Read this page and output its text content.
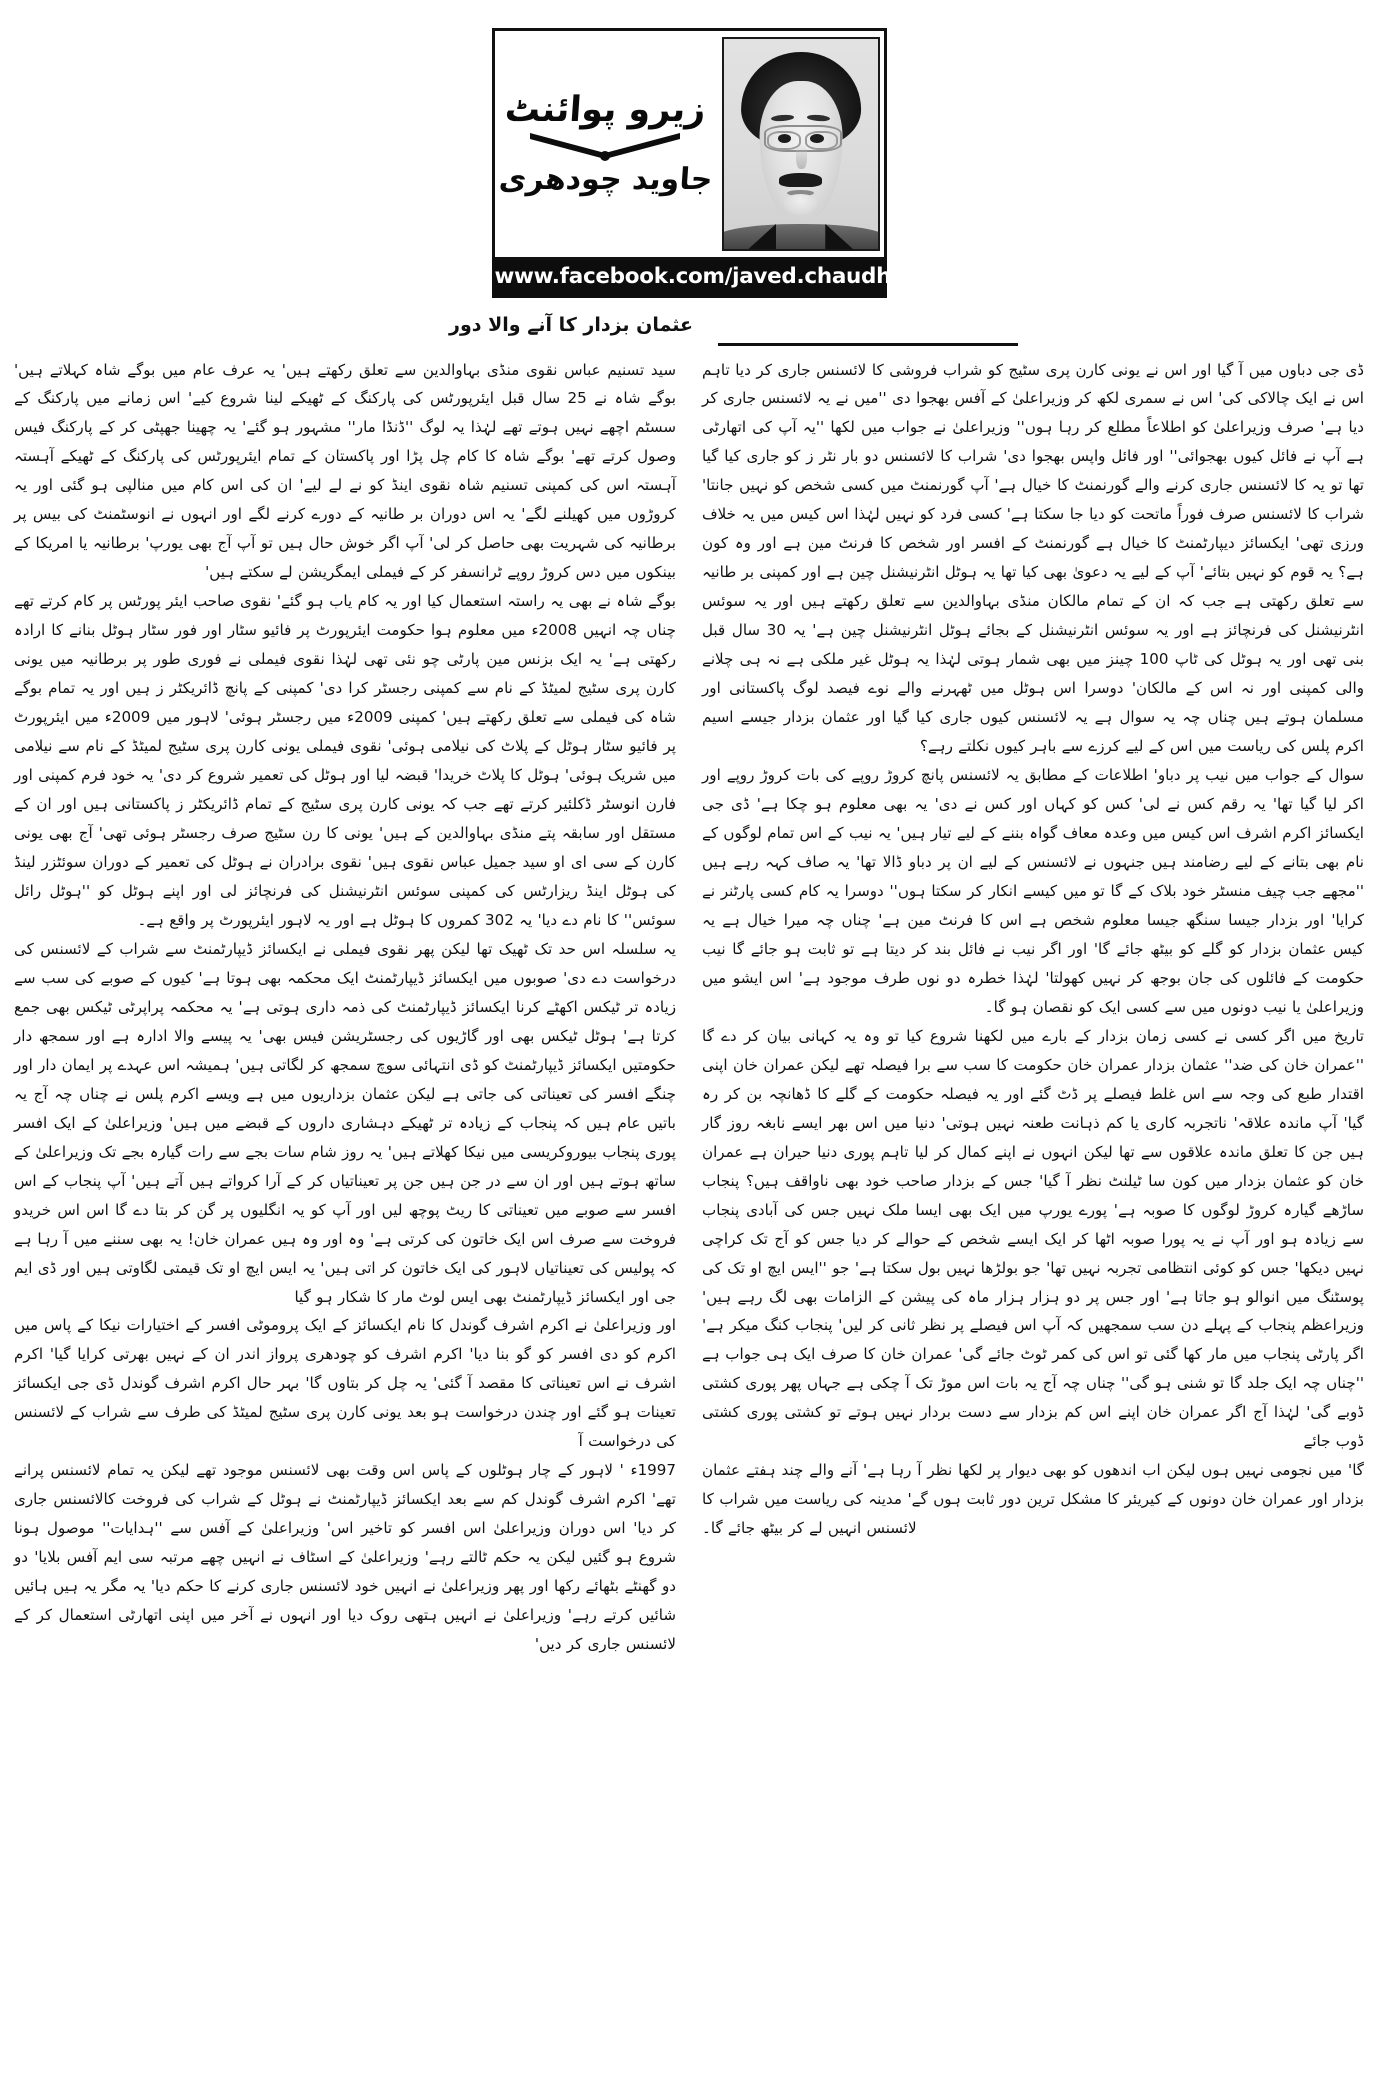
زیرو پوائنٹ
جاوید چودھری
www.facebook.com/javed.chaudhry
عثمان بزدار کا آنے والا دور

ڈی جی دباوں میں آ گیا اور اس نے یونی کارن پری سٹیج کو شراب فروشی کا لائسنس جاری کر دیا تاہم اس نے ایک چالاکی کی' اس نے سمری لکھ کر وزیراعلیٰ کے آفس بھجوا دی ''میں نے یہ لائسنس جاری کر دیا ہے' صرف وزیراعلیٰ کو اطلاعاً مطلع کر رہا ہوں'' وزیراعلیٰ نے جواب میں لکھا ''یہ آپ کی اتھارٹی ہے آپ نے فائل کیوں بھجوائی'' اور فائل واپس بھجوا دی' شراب کا لائسنس دو بار نٹر ز کو جاری کیا گیا تھا تو یہ کا لائسنس جاری کرنے والے گورنمنٹ کا خیال ہے' آپ گورنمنٹ میں کسی شخص کو نہیں جانتا' شراب کا لائسنس صرف فوراً ماتحت کو دیا جا سکتا ہے' کسی فرد کو نہیں لہٰذا اس کیس میں یہ خلاف ورزی تھی' ایکسائز دیپارٹمنٹ کا خیال ہے گورنمنٹ کے افسر اور شخص کا فرنٹ مین ہے اور وہ کون ہے؟ یہ قوم کو نہیں بتائے' آپ کے لیے یہ دعویٰ بھی کیا تھا یہ ہوٹل انٹرنیشنل چین ہے اور کمپنی بر طانیہ سے تعلق رکھتی ہے جب کہ ان کے تمام مالکان منڈی بہاوالدین سے تعلق رکھتے ہیں اور یہ سوئس انٹرنیشنل کی فرنچائز ہے اور یہ سوئس انٹرنیشنل کے بجائے ہوٹل انٹرنیشنل چین ہے' یہ 30 سال قبل بنی تھی اور یہ ہوٹل کی ٹاپ 100 چینز میں بھی شمار ہوتی لہٰذا یہ ہوٹل غیر ملکی ہے نہ ہی چلانے والی کمپنی اور نہ اس کے مالکان' دوسرا اس ہوٹل میں ٹھہرنے والے نوے فیصد لوگ پاکستانی اور مسلمان ہوتے ہیں چناں چہ یہ سوال ہے یہ لائسنس کیوں جاری کیا گیا اور عثمان بزدار جیسے اسیم اکرم پلس کی ریاست میں اس کے لیے کرزے سے باہر کیوں نکلتے رہے؟

سوال کے جواب میں نیب پر دباو' اطلاعات کے مطابق یہ لائسنس پانچ کروڑ روپے کی بات کروڑ روپے اور اکر لیا گیا تھا' یہ رقم کس نے لی' کس کو کہاں اور کس نے دی' یہ بھی معلوم ہو چکا ہے' ڈی جی ایکسائز اکرم اشرف اس کیس میں وعدہ معاف گواہ بننے کے لیے تیار ہیں' یہ نیب کے اس تمام لوگوں کے نام بھی بتانے کے لیے رضامند ہیں جنہوں نے لائسنس کے لیے ان پر دباو ڈالا تھا' یہ صاف کہہ رہے ہیں ''مجھے جب چیف منسٹر خود بلاک کے گا تو میں کیسے انکار کر سکتا ہوں'' دوسرا یہ کام کسی پارٹنر نے کرایا' اور بزدار جیسا سنگھ جیسا معلوم شخص ہے اس کا فرنٹ مین ہے' چناں چہ میرا خیال ہے یہ کیس عثمان بزدار کو گلے کو بیٹھ جائے گا' اور اگر نیب نے فائل بند کر دیتا ہے تو ثابت ہو جائے گا نیب حکومت کے فائلوں کی جان بوجھ کر نہیں کھولتا' لہٰذا خطرہ دو نوں طرف موجود ہے' اس ایشو میں وزیراعلیٰ یا نیب دونوں میں سے کسی ایک کو نقصان ہو گا۔

تاریخ میں اگر کسی نے کسی زمان بزدار کے بارے میں لکھنا شروع کیا تو وہ یہ کہانی بیان کر دے گا ''عمران خان کی ضد'' عثمان بزدار عمران خان حکومت کا سب سے برا فیصلہ تھے لیکن عمران خان اپنی اقتدار طبع کی وجہ سے اس غلط فیصلے پر ڈٹ گئے اور یہ فیصلہ حکومت کے گلے کا ڈھانچہ بن کر رہ گیا' آپ ماندہ علاقہ' ناتجربہ کاری یا کم ذہانت طعنہ نہیں ہوتی' دنیا میں اس بھر ایسے نابغہ روز گار ہیں جن کا تعلق ماندہ علاقوں سے تھا لیکن انہوں نے اپنے کمال کر لیا تاہم پوری دنیا حیران ہے عمران خان کو عثمان بزدار میں کون سا ٹیلنٹ نظر آ گیا' جس کے بزدار صاحب خود بھی ناواقف ہیں؟ پنجاب ساڑھے گیارہ کروڑ لوگوں کا صوبہ ہے' پورے یورپ میں ایک بھی ایسا ملک نہیں جس کی آبادی پنجاب سے زیادہ ہو اور آپ نے یہ پورا صوبہ اٹھا کر ایک ایسے شخص کے حوالے کر دیا جس کو آج تک کراچی نہیں دیکھا' جس کو کوئی انتظامی تجربہ نہیں تھا' جو بولڑھا نہیں بول سکتا ہے' جو ''ایس ایچ او تک کی پوسٹنگ میں انوالو ہو جاتا ہے' اور جس پر دو ہزار ہزار ماہ کی پیشن کے الزامات بھی لگ رہے ہیں' وزیراعظم پنجاب کے پہلے دن سب سمجھیں کہ آپ اس فیصلے پر نظر ثانی کر لیں' پنجاب کنگ میکر ہے' اگر پارٹی پنجاب میں مار کھا گئی تو اس کی کمر ٹوٹ جائے گی' عمران خان کا صرف ایک ہی جواب ہے ''چناں چہ ایک جلد گا تو شنی ہو گی'' چناں چہ آج یہ بات اس موڑ تک آ چکی ہے جہاں پھر پوری کشتی ڈوبے گی' لہٰذا آج اگر عمران خان اپنے اس کم بزدار سے دست بردار نہیں ہوتے تو کشتی پوری کشتی ڈوب جائے

گا' میں نجومی نہیں ہوں لیکن اب اندھوں کو بھی دیوار پر لکھا نظر آ رہا ہے' آنے والے چند ہفتے عثمان بزدار اور عمران خان دونوں کے کیریئر کا مشکل ترین دور ثابت ہوں گے' مدینہ کی ریاست میں شراب کا لائسنس انہیں لے کر بیٹھ جائے گا۔

سید تسنیم عباس نقوی منڈی بہاوالدین سے تعلق رکھتے ہیں' یہ عرف عام میں بوگے شاہ کہلاتے ہیں' بوگے شاہ نے 25 سال قبل ایئرپورٹس کی پارکنگ کے ٹھیکے لینا شروع کیے' اس زمانے میں پارکنگ کے سسٹم اچھے نہیں ہوتے تھے لہٰذا یہ لوگ ''ڈنڈا مار'' مشہور ہو گئے' یہ چھینا جھپٹی کر کے پارکنگ فیس وصول کرتے تھے' بوگے شاہ کا کام چل پڑا اور پاکستان کے تمام ایئرپورٹس کی پارکنگ کے ٹھیکے آہستہ آہستہ اس کی کمپنی تسنیم شاہ نقوی اینڈ کو نے لے لیے' ان کی اس کام میں منالپی ہو گئی اور یہ کروڑوں میں کھیلنے لگے' یہ اس دوران بر طانیہ کے دورے کرنے لگے اور انہوں نے انوسٹمنٹ کی بیس پر برطانیہ کی شہریت بھی حاصل کر لی' آپ اگر خوش حال ہیں تو آپ آج بھی یورپ' برطانیہ یا امریکا کے بینکوں میں دس کروڑ روپے ٹرانسفر کر کے فیملی ایمگریشن لے سکتے ہیں'

بوگے شاہ نے بھی یہ راستہ استعمال کیا اور یہ کام یاب ہو گئے' نقوی صاحب ایئر پورٹس پر کام کرتے تھے چناں چہ انہیں 2008ء میں معلوم ہوا حکومت ایئرپورٹ پر فائیو سٹار اور فور سٹار ہوٹل بنانے کا ارادہ رکھتی ہے' یہ ایک بزنس مین پارٹی چو نئی تھی لہٰذا نقوی فیملی نے فوری طور پر برطانیہ میں یونی کارن پری سٹیج لمیٹڈ کے نام سے کمپنی رجسٹر کرا دی' کمپنی کے پانچ ڈائریکٹر ز ہیں اور یہ تمام بوگے شاہ کی فیملی سے تعلق رکھتے ہیں' کمپنی 2009ء میں رجسٹر ہوئی' لاہور میں 2009ء میں ایئرپورٹ پر فائیو سٹار ہوٹل کے پلاٹ کی نیلامی ہوئی' نقوی فیملی یونی کارن پری سٹیج لمیٹڈ کے نام سے نیلامی میں شریک ہوئی' ہوٹل کا پلاٹ خریدا' قبضہ لیا اور ہوٹل کی تعمیر شروع کر دی' یہ خود فرم کمپنی اور فارن انوسٹر ڈکلئیر کرتے تھے جب کہ یونی کارن پری سٹیج کے تمام ڈائریکٹر ز پاکستانی ہیں اور ان کے مستقل اور سابقہ پتے منڈی بہاوالدین کے ہیں' یونی کا رن سٹیج صرف رجسٹر ہوئی تھی' آج بھی یونی کارن کے سی ای او سید جمیل عباس نقوی ہیں' نقوی برادران نے ہوٹل کی تعمیر کے دوران سوئٹزر لینڈ کی ہوٹل اینڈ ریزارٹس کی کمپنی سوئس انٹرنیشنل کی فرنچائز لی اور اپنے ہوٹل کو ''ہوٹل رائل سوئس'' کا نام دے دیا' یہ 302 کمروں کا ہوٹل ہے اور یہ لاہور ایئرپورٹ پر واقع ہے۔

یہ سلسلہ اس حد تک ٹھیک تھا لیکن پھر نقوی فیملی نے ایکسائز ڈیپارٹمنٹ سے شراب کے لائسنس کی درخواست دے دی' صوبوں میں ایکسائز ڈیپارٹمنٹ ایک محکمہ بھی ہوتا ہے' کیوں کے صوبے کی سب سے زیادہ تر ٹیکس اکھٹے کرنا ایکسائز ڈیپارٹمنٹ کی ذمہ داری ہوتی ہے' یہ محکمہ پراپرٹی ٹیکس بھی جمع کرتا ہے' ہوٹل ٹیکس بھی اور گاڑیوں کی رجسٹریشن فیس بھی' یہ پیسے والا ادارہ ہے اور سمجھ دار حکومتیں ایکسائز ڈیپارٹمنٹ کو ڈی انتہائی سوچ سمجھ کر لگاتی ہیں' ہمیشہ اس عہدے پر ایمان دار اور چنگے افسر کی تعیناتی کی جاتی ہے لیکن عثمان بزداریوں میں ہے ویسے اکرم پلس نے چناں چہ آج یہ باتیں عام ہیں کہ پنجاب کے زیادہ تر ٹھیکے دہشاری داروں کے قبضے میں ہیں' وزیراعلیٰ کے ایک افسر پوری پنجاب بیوروکریسی میں نیکا کھلاتے ہیں' یہ روز شام سات بجے سے رات گیارہ بجے تک وزیراعلیٰ کے ساتھ ہوتے ہیں اور ان سے در جن ہیں جن پر تعیناتیاں کر کے آرا کرواتے ہیں آتے ہیں' آپ پنجاب کے اس افسر سے صوبے میں تعیناتی کا ریٹ پوچھ لیں اور آپ کو یہ انگلیوں پر گن کر بتا دے گا اس اس خریدو فروخت سے صرف اس ایک خاتون کی کرتی ہے' وہ اور وہ ہیں عمران خان! یہ بھی سننے میں آ رہا ہے کہ پولیس کی تعیناتیاں لاہور کی ایک خاتون کر اتی ہیں' یہ ایس ایچ او تک قیمتی لگاوتی ہیں اور ڈی ایم جی اور ایکسائز ڈیپارٹمنٹ بھی ایس لوٹ مار کا شکار ہو گیا

اور وزیراعلیٰ نے اکرم اشرف گوندل کا نام ایکسائز کے ایک پروموٹی افسر کے اختیارات نیکا کے پاس میں اکرم کو دی افسر کو گو بنا دیا' اکرم اشرف کو چودھری پرواز اندر ان کے نہیں بھرتی کرایا گیا' اکرم اشرف نے اس تعیناتی کا مقصد آ گئی' یہ چل کر بتاوں گا' بہر حال اکرم اشرف گوندل ڈی جی ایکسائز تعینات ہو گئے اور چندن درخواست ہو بعد یونی کارن پری سٹیج لمیٹڈ کی طرف سے شراب کے لائسنس کی درخواست آ

1997ء ' لاہور کے چار ہوٹلوں کے پاس اس وقت بھی لائسنس موجود تھے لیکن یہ تمام لائسنس پرانے تھے' اکرم اشرف گوندل کم سے بعد ایکسائز ڈیپارٹمنٹ نے ہوٹل کے شراب کی فروخت کالائسنس جاری کر دیا' اس دوران وزیراعلیٰ اس افسر کو تاخیر اس' وزیراعلیٰ کے آفس سے ''ہدایات'' موصول ہونا شروع ہو گئیں لیکن یہ حکم ٹالتے رہے' وزیراعلیٰ کے اسٹاف نے انہیں چھے مرتبہ سی ایم آفس بلایا' دو دو گھنٹے بٹھائے رکھا اور پھر وزیراعلیٰ نے انہیں خود لائسنس جاری کرنے کا حکم دیا' یہ مگر یہ ہیں ہائیں شائیں کرتے رہے' وزیراعلیٰ نے انہیں ہتھی روک دیا اور انہوں نے آخر میں اپنی اتھارٹی استعمال کر کے لائسنس جاری کر دیں'
